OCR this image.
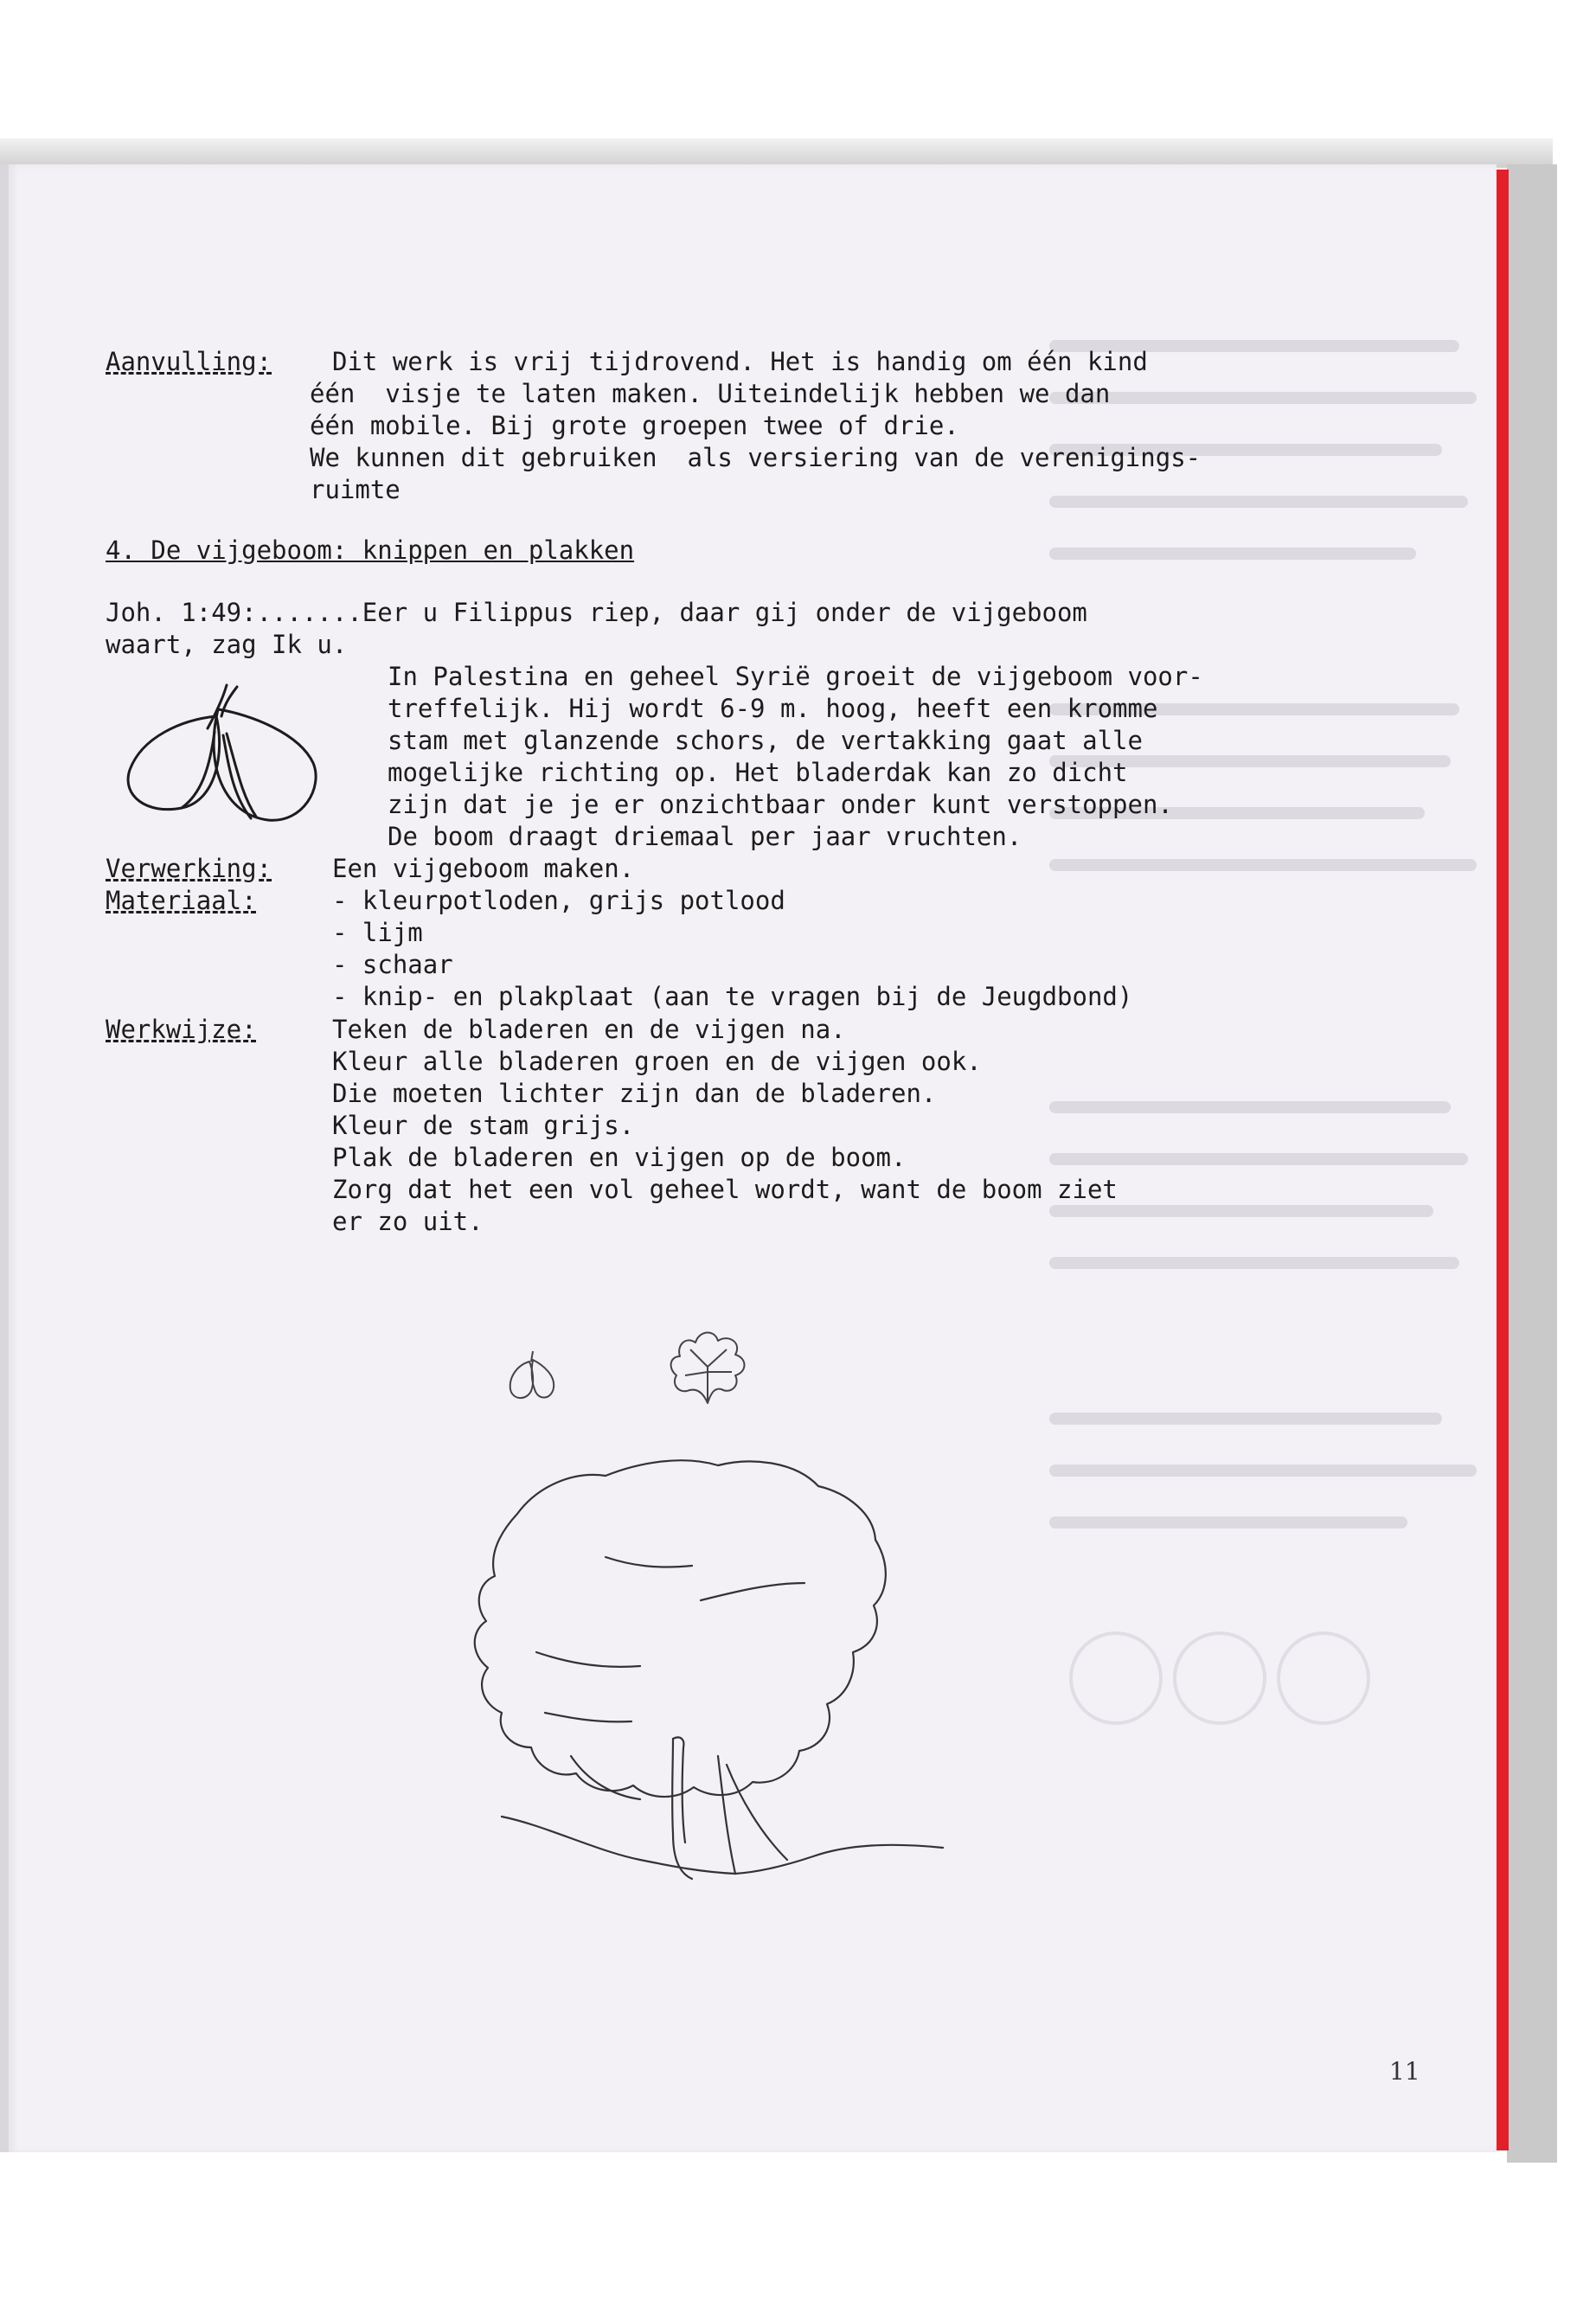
Aanvulling: Dit werk is vrij tijdrovend. Het is handig om één kind
één  visje te laten maken. Uiteindelijk hebben we dan
één mobile. Bij grote groepen twee of drie.
We kunnen dit gebruiken  als versiering van de verenigings-
ruimte
4. De vijgeboom: knippen en plakken
Joh. 1:49:.......Eer u Filippus riep, daar gij onder de vijgeboom
waart, zag Ik u.
In Palestina en geheel Syrië groeit de vijgeboom voor-
treffelijk. Hij wordt 6-9 m. hoog, heeft een kromme
stam met glanzende schors, de vertakking gaat alle
mogelijke richting op. Het bladerdak kan zo dicht
zijn dat je je er onzichtbaar onder kunt verstoppen.
De boom draagt driemaal per jaar vruchten.
Verwerking: Een vijgeboom maken.
Materiaal:	- kleurpotloden, grijs potlood
- lijm
- schaar
- knip- en plakplaat (aan te vragen bij de Jeugdbond)
Werkwijze:	Teken de bladeren en de vijgen na.
Kleur alle bladeren groen en de vijgen ook.
Die moeten lichter zijn dan de bladeren.
Kleur de stam grijs.
Plak de bladeren en vijgen op de boom.
Zorg dat het een vol geheel wordt, want de boom ziet
er zo uit.
11
